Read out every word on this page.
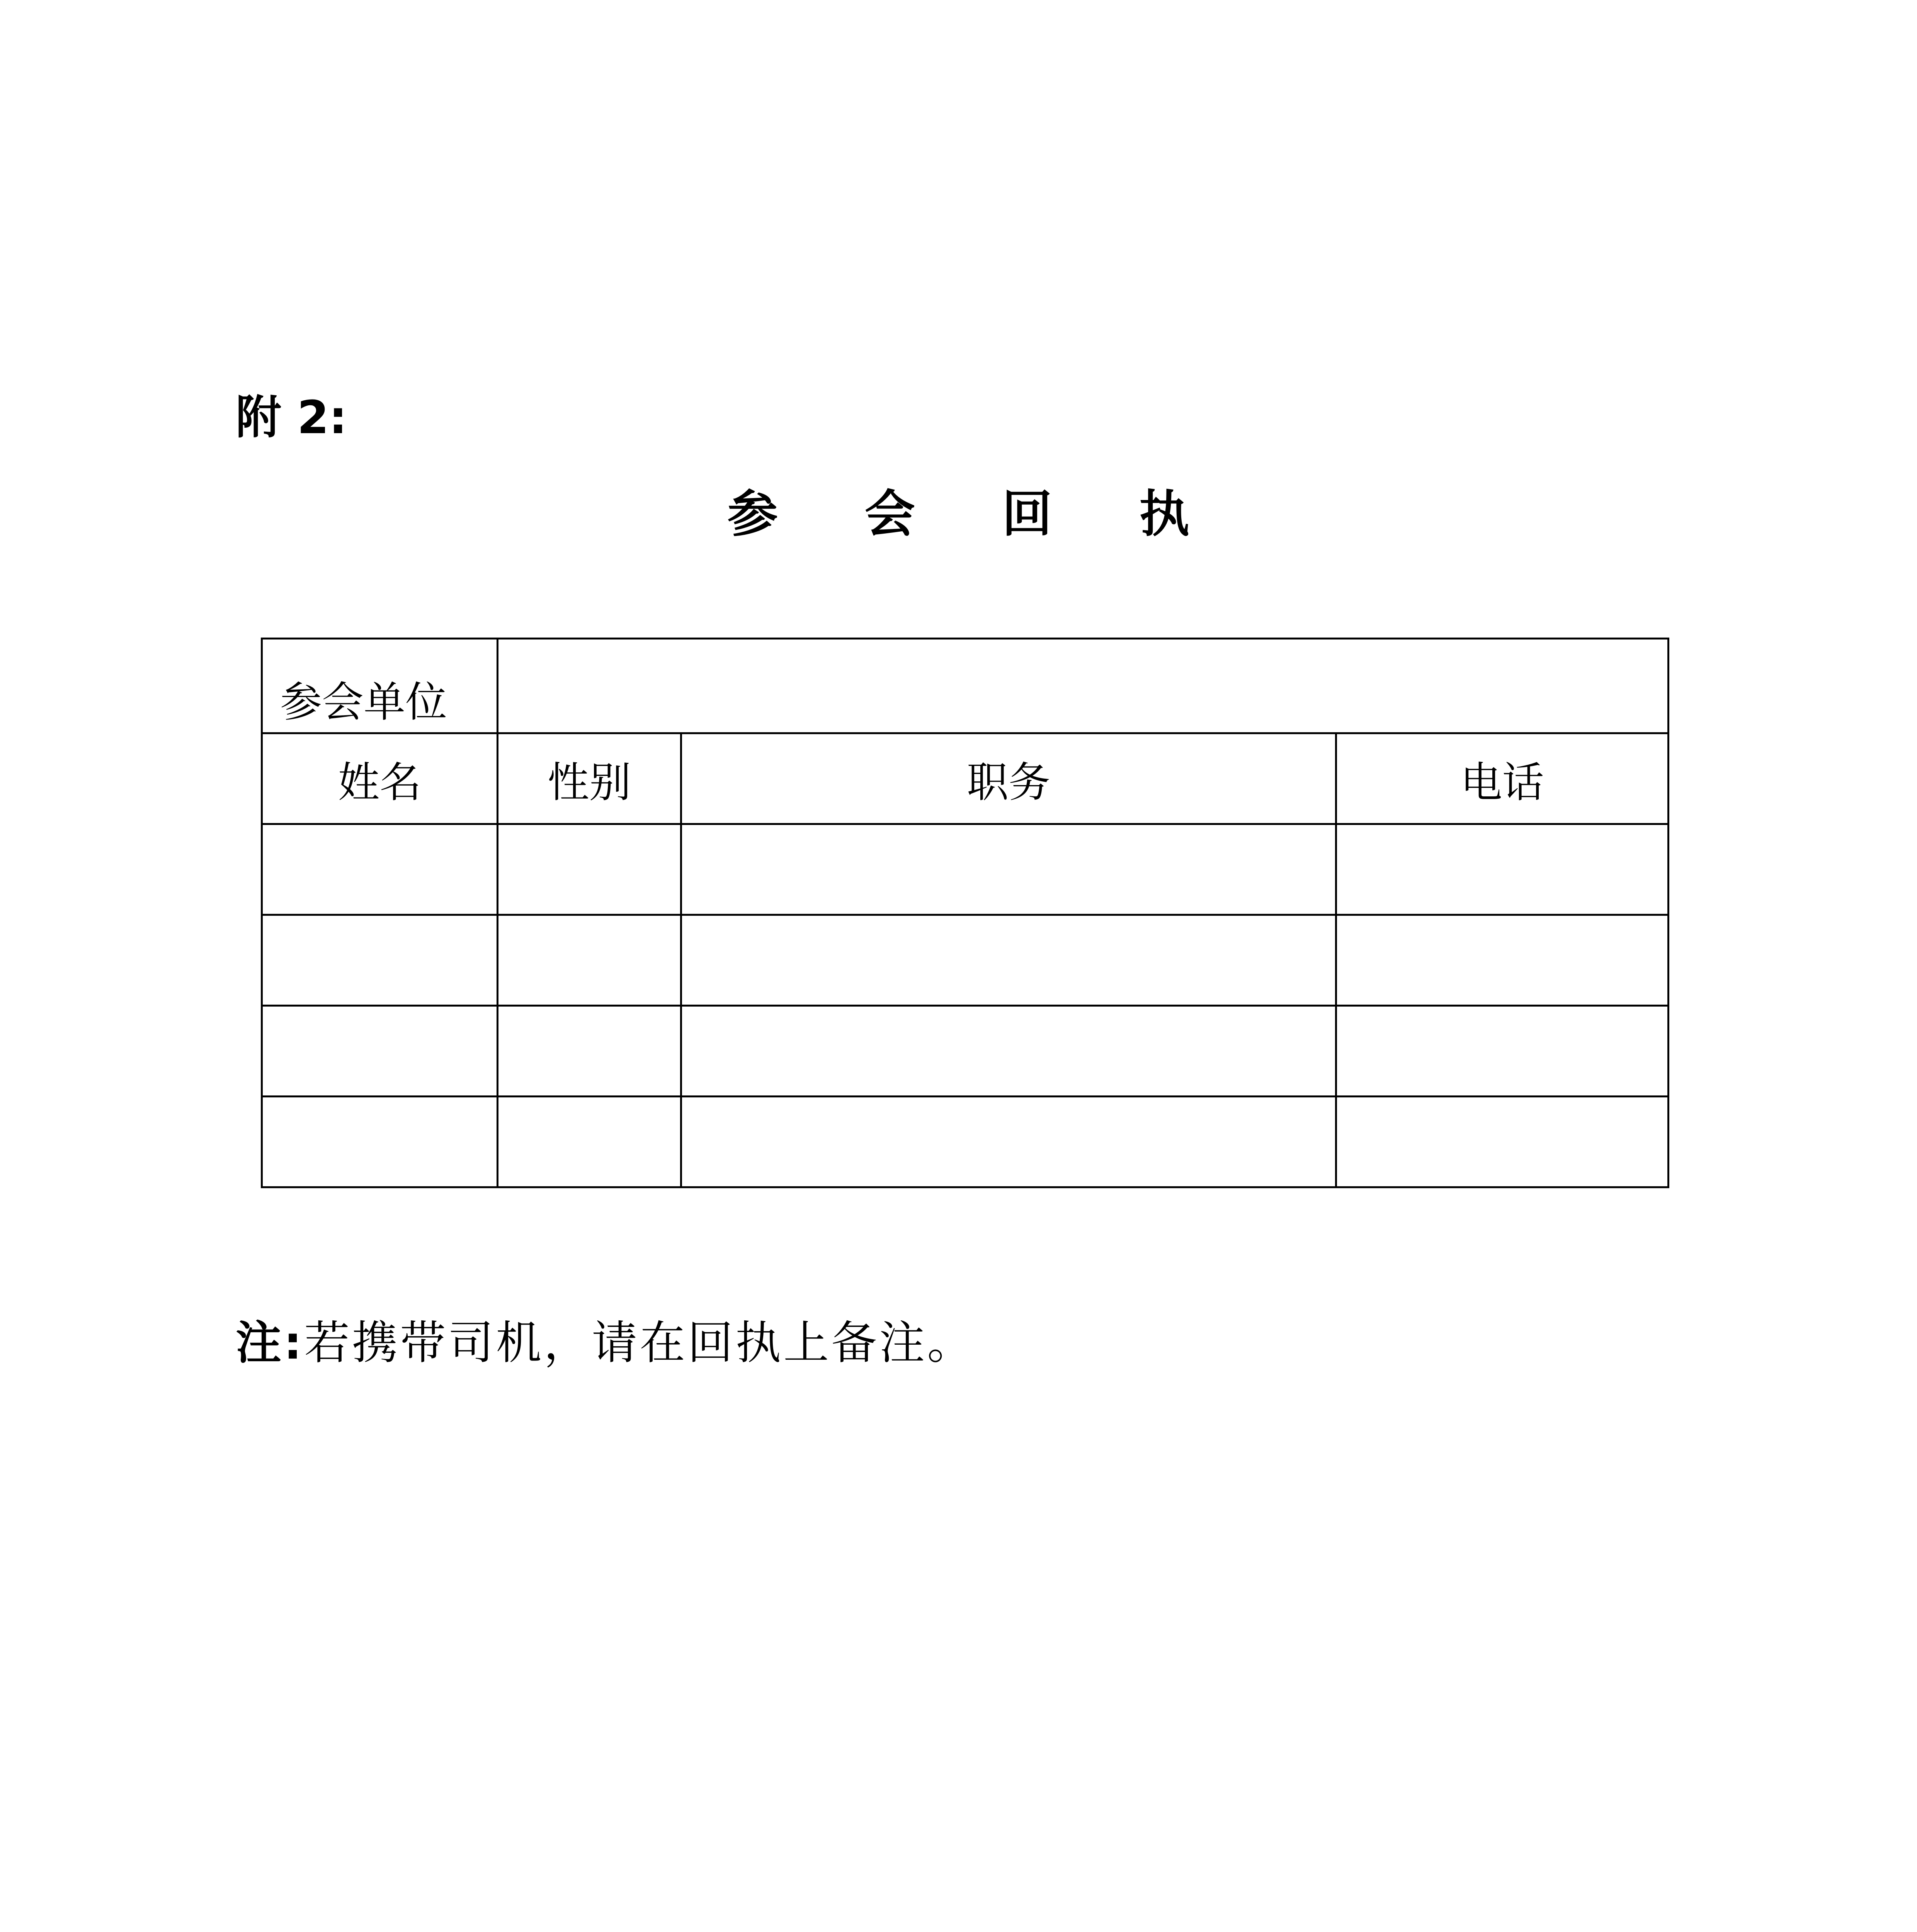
附 2:
参 会 回 执
参会单位			
姓名	性别	职务	电话

注:若携带司机，请在回执上备注。
